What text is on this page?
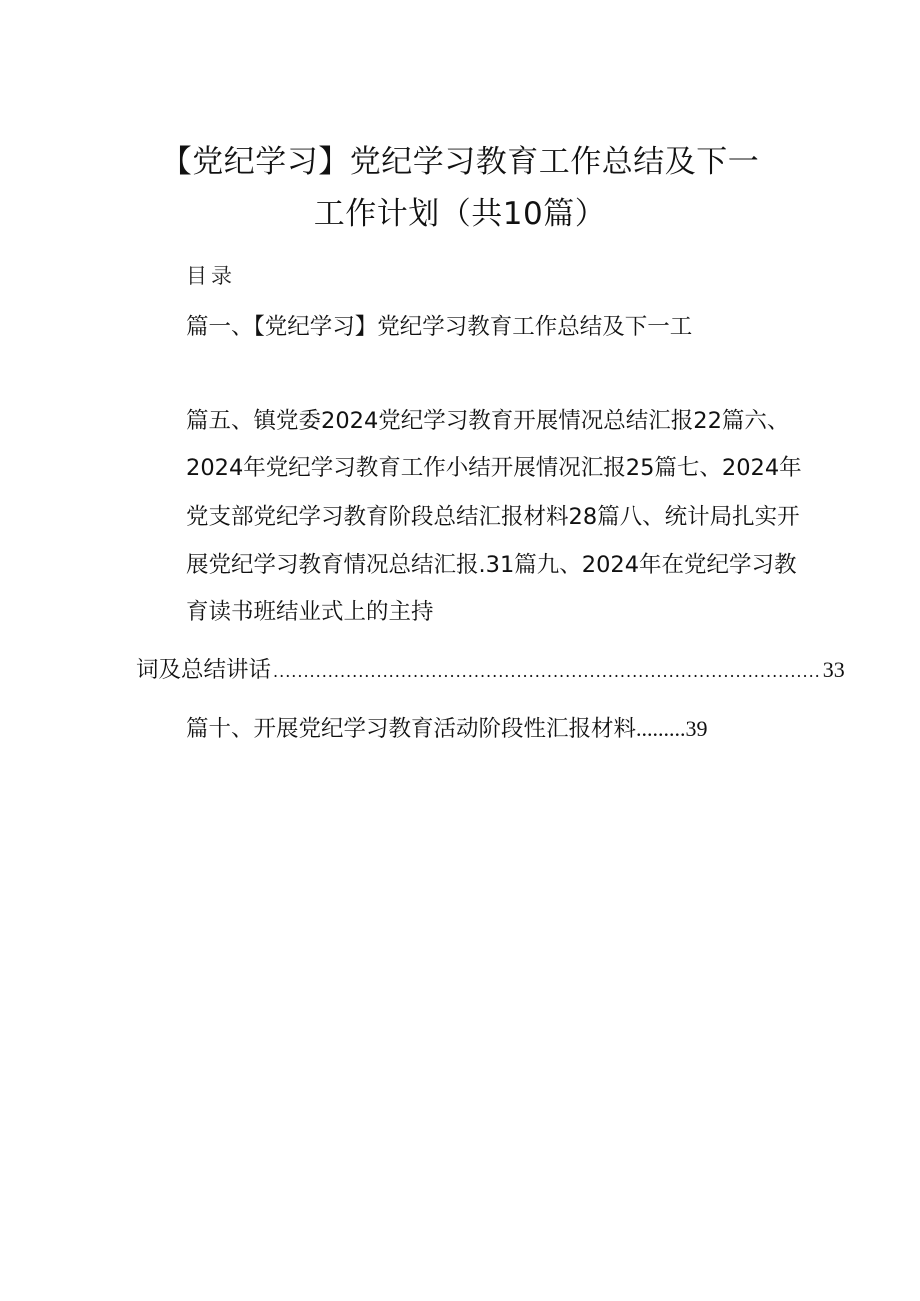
【党纪学习】党纪学习教育工作总结及下一
工作计划（共10篇）
目录
篇一、【党纪学习】党纪学习教育工作总结及下一工
篇五、镇党委2024党纪学习教育开展情况总结汇报22篇六、
2024年党纪学习教育工作小结开展情况汇报25篇七、2024年
党支部党纪学习教育阶段总结汇报材料28篇八、统计局扎实开
展党纪学习教育情况总结汇报.31篇九、2024年在党纪学习教
育读书班结业式上的主持
词及总结讲话 .......................................................................................... 33
篇十、开展党纪学习教育活动阶段性汇报材料 ......... 39
